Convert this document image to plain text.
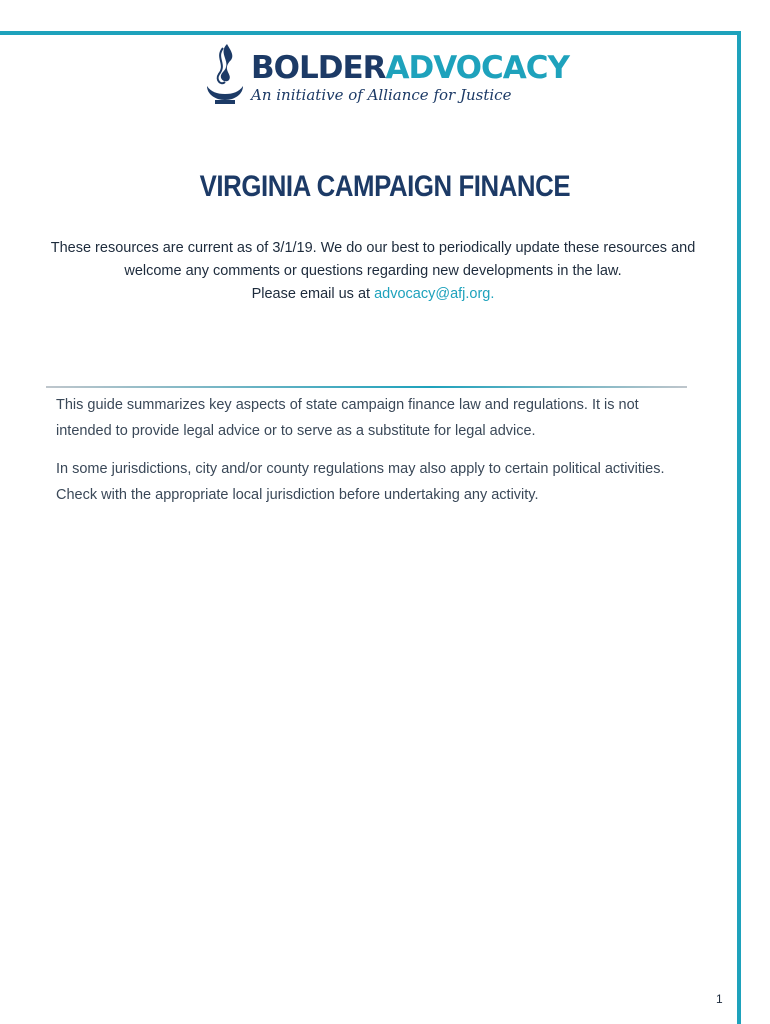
BOLDERADVOCACY
An initiative of Alliance for Justice
VIRGINIA CAMPAIGN FINANCE

These resources are current as of 3/1/19. We do our best to periodically update these resources and welcome any comments or questions regarding new developments in the law.

Please email us at advocacy@afj.org.

This guide summarizes key aspects of state campaign finance law and regulations. It is not intended to provide legal advice or to serve as a substitute for legal advice.

In some jurisdictions, city and/or county regulations may also apply to certain political activities. Check with the appropriate local jurisdiction before undertaking any activity.

1
